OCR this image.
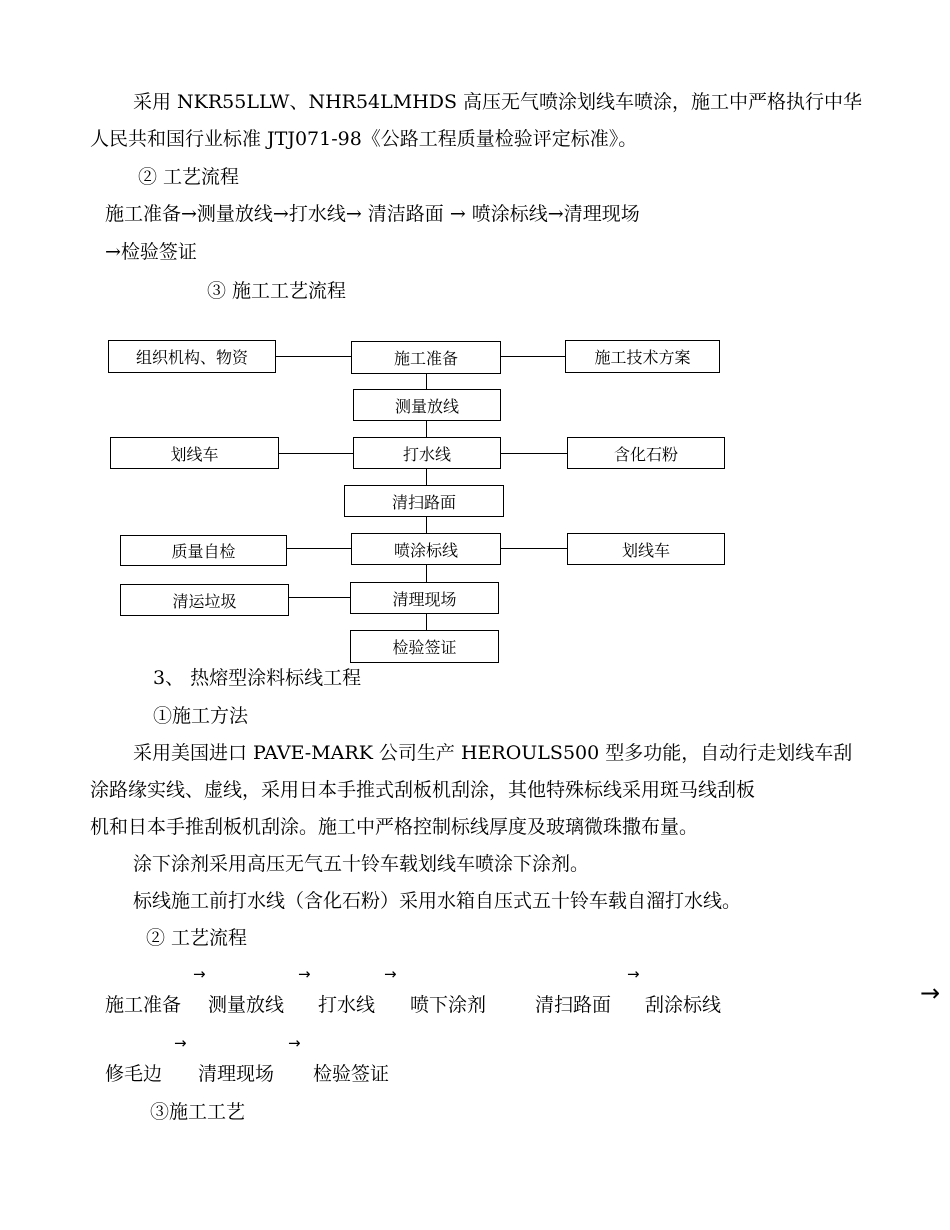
采用 NKR55LLW、NHR54LMHDS 高压无气喷涂划线车喷涂，施工中严格执行中华
人民共和国行业标准 JTJ071-98《公路工程质量检验评定标准》。
② 工艺流程
施工准备→测量放线→打水线→ 清洁路面 → 喷涂标线→清理现场
→检验签证
③ 施工工艺流程
施工准备
测量放线
打水线
清扫路面
喷涂标线
清理现场
检验签证
组织机构、物资
划线车
质量自检
清运垃圾
施工技术方案
含化石粉
划线车
3、 热熔型涂料标线工程
①施工方法
采用美国进口 PAVE-MARK 公司生产 HEROULS500 型多功能，自动行走划线车刮
涂路缘实线、虚线，采用日本手推式刮板机刮涂，其他特殊标线采用斑马线刮板
机和日本手推刮板机刮涂。施工中严格控制标线厚度及玻璃微珠撒布量。
涂下涂剂采用高压无气五十铃车载划线车喷涂下涂剂。
标线施工前打水线（含化石粉）采用水箱自压式五十铃车载自溜打水线。
② 工艺流程
→	→	→	→
→
施工准备 测量放线 打水线 喷下涂剂	清扫路面 刮涂标线
→	→
修毛边 清理现场 检验签证
③施工工艺
